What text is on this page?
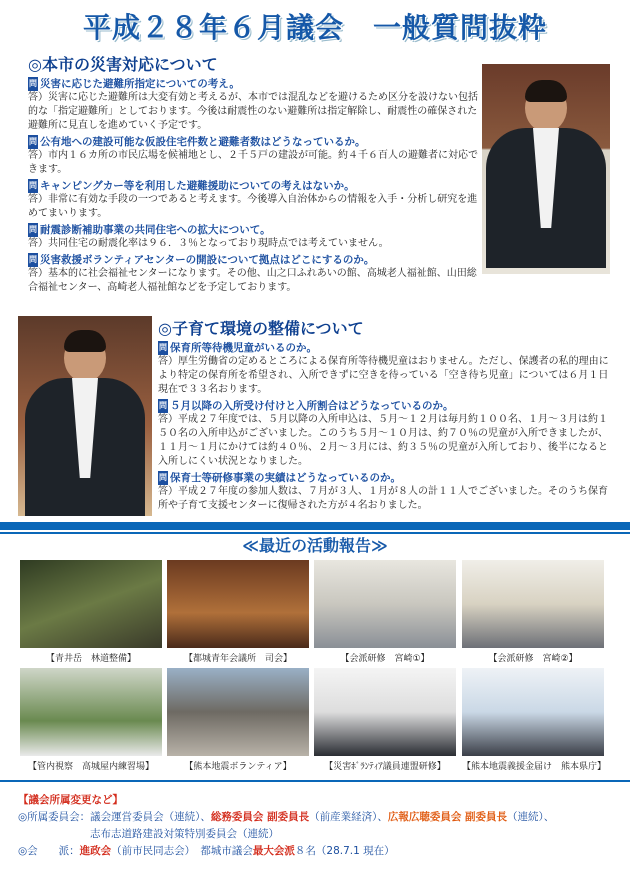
平成２８年６月議会　一般質問抜粋
◎本市の災害対応について
問 災害に応じた避難所指定についての考え。
答）災害に応じた避難所は大変有効と考えるが、本市では混乱などを避けるため区分を設けない包括的な「指定避難所」としております。今後は耐震性のない避難所は指定解除し、耐震性の確保された避難所に見直しを進めていく予定です。
問 公有地への建設可能な仮設住宅件数と避難者数はどうなっているか。
答）市内１６カ所の市民広場を候補地とし、２千５戸の建設が可能。約４千６百人の避難者に対応できます。
問 キャンピングカー等を利用した避難援助についての考えはないか。
答）非常に有効な手段の一つであると考えます。今後導入自治体からの情報を入手・分析し研究を進めてまいります。
問 耐震診断補助事業の共同住宅への拡大について。
答）共同住宅の耐震化率は９６．３％となっており現時点では考えていません。
問 災害救援ボランティアセンターの開設について拠点はどこにするのか。
答）基本的に社会福祉センターになります。その他、山之口ふれあいの館、高城老人福祉館、山田総合福祉センター、高崎老人福祉館などを予定しております。
◎子育て環境の整備について
問 保育所等待機児童がいるのか。
答）厚生労働省の定めるところによる保育所等待機児童はおりません。ただし、保護者の私的理由により特定の保育所を希望され、入所できずに空きを待っている「空き待ち児童」については６月１日現在で３３名おります。
問 ５月以降の入所受け付けと入所割合はどうなっているのか。
答）平成２７年度では、５月以降の入所申込は、５月～１２月は毎月約１００名、１月～３月は約１５０名の入所申込がございました。このうち５月～１０月は、約７０％の児童が入所できましたが、１１月～１月にかけては約４０％、２月～３月には、約３５％の児童が入所しており、後半になると入所しにくい状況となりました。
問 保育士等研修事業の実績はどうなっているのか。
答）平成２７年度の参加人数は、７月が３人、１月が８人の計１１人でございました。そのうち保育所や子育て支援センターに復帰された方が４名おりました。
≪最近の活動報告≫
【青井岳　林道整備】	【都城青年会議所　司会】	【会派研修　宮崎①】	【会派研修　宮崎②】
【管内視察　高城屋内練習場】	【熊本地震ボランティア】	【災害ﾎﾞﾗﾝﾃｨｱ議員連盟研修】	【熊本地震義援金届け　熊本県庁】
【議会所属変更など】
◎所属委員会：議会運営委員会（連続）、総務委員会 副委員長（前産業経済）、広報広聴委員会 副委員長（連続）、
志布志道路建設対策特別委員会（連続）
◎会　　派：進政会（前市民同志会）　都城市議会最大会派８名（28.7.1 現在）
